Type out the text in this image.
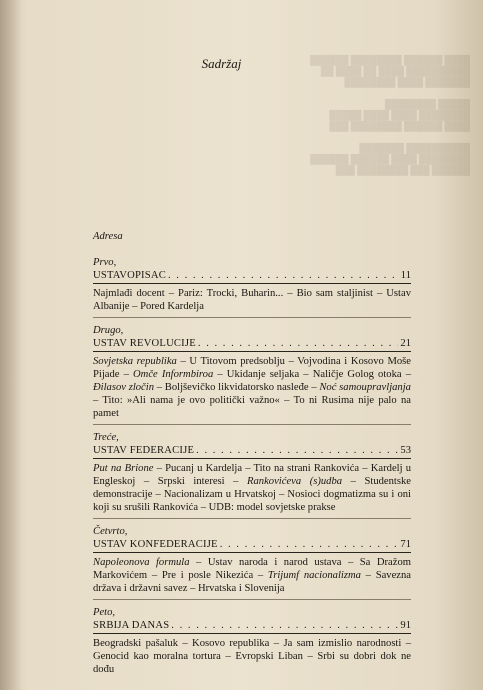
████ ██████ ████████ ██████
██████████ ████ ██ ████ ██
███████ ████ ████████

█████ ████████
████████ ████ ████ █████
████ ██████ ████████ ███

██████████ ███████
████████ ████ ██████ ██████
██████ ███ ████████ ███
Sadržaj
Adresa
Prvo,
USTAVOPISAC . . .	11
Najmlađi docent – Pariz: Trocki, Buharin... – Bio sam staljinist – Ustav Albanije – Pored Kardelja
Drugo,
USTAV REVOLUCIJE . . .	21
Sovjetska republika – U Titovom predsoblju – Vojvodina i Kosovo Moše Pijade – Omče Informbiroa – Ukidanje seljaka – Naličje Golog otoka – Đilasov zločin – Boljševičko likvidatorsko nasleđe – Noć samoupravljanja – Tito: »Ali nama je ovo politički važno« – To ni Rusima nije palo na pamet
Treće,
USTAV FEDERACIJE . . .	53
Put na Brione – Pucanj u Kardelja – Tito na strani Rankovića – Kardelj u Engleskoj – Srpski interesi – Rankovićeva (s)udba – Studentske demonstracije – Nacionalizam u Hrvatskoj – Nosioci dogmatizma su i oni koji su srušili Rankovića – UDB: model sovjetske prakse
Četvrto,
USTAV KONFEDERACIJE . . .	71
Napoleonova formula – Ustav naroda i narod ustava – Sa Dražom Markovićem – Pre i posle Nikezića – Trijumf nacionalizma – Savezna država i državni savez – Hrvatska i Slovenija
Peto,
SRBIJA DANAS . . .	91
Beogradski pašaluk – Kosovo republika – Ja sam izmislio narodnosti – Genocid kao moralna tortura – Evropski Liban – Srbi su dobri dok ne dođu
